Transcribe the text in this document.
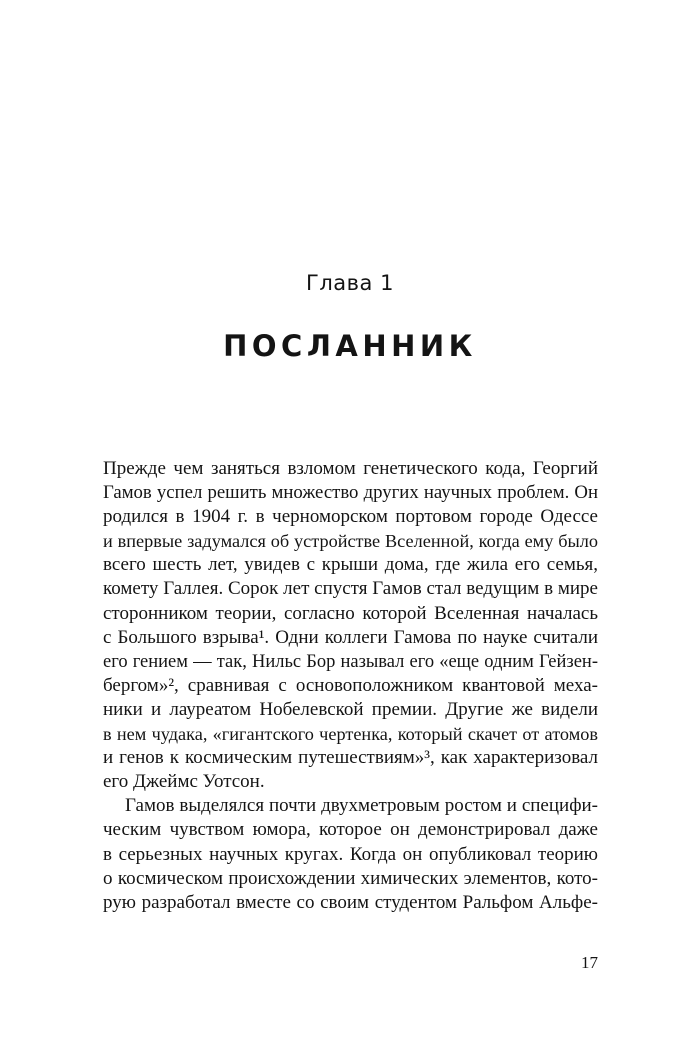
Глава 1
ПОСЛАННИК
Прежде чем заняться взломом генетического кода, Георгий
Гамов успел решить множество других научных проблем. Он
родился в 1904 г. в черноморском портовом городе Одессе
и впервые задумался об устройстве Вселенной, когда ему было
всего шесть лет, увидев с крыши дома, где жила его семья,
комету Галлея. Сорок лет спустя Гамов стал ведущим в мире
сторонником теории, согласно которой Вселенная началась
с Большого взрыва¹. Одни коллеги Гамова по науке считали
его гением — так, Нильс Бор называл его «еще одним Гейзен-
бергом»², сравнивая с основоположником квантовой меха-
ники и лауреатом Нобелевской премии. Другие же видели
в нем чудака, «гигантского чертенка, который скачет от атомов
и генов к космическим путешествиям»³, как характеризовал
его Джеймс Уотсон.
Гамов выделялся почти двухметровым ростом и специфи-
ческим чувством юмора, которое он демонстрировал даже
в серьезных научных кругах. Когда он опубликовал теорию
о космическом происхождении химических элементов, кото-
рую разработал вместе со своим студентом Ральфом Альфе-
17
